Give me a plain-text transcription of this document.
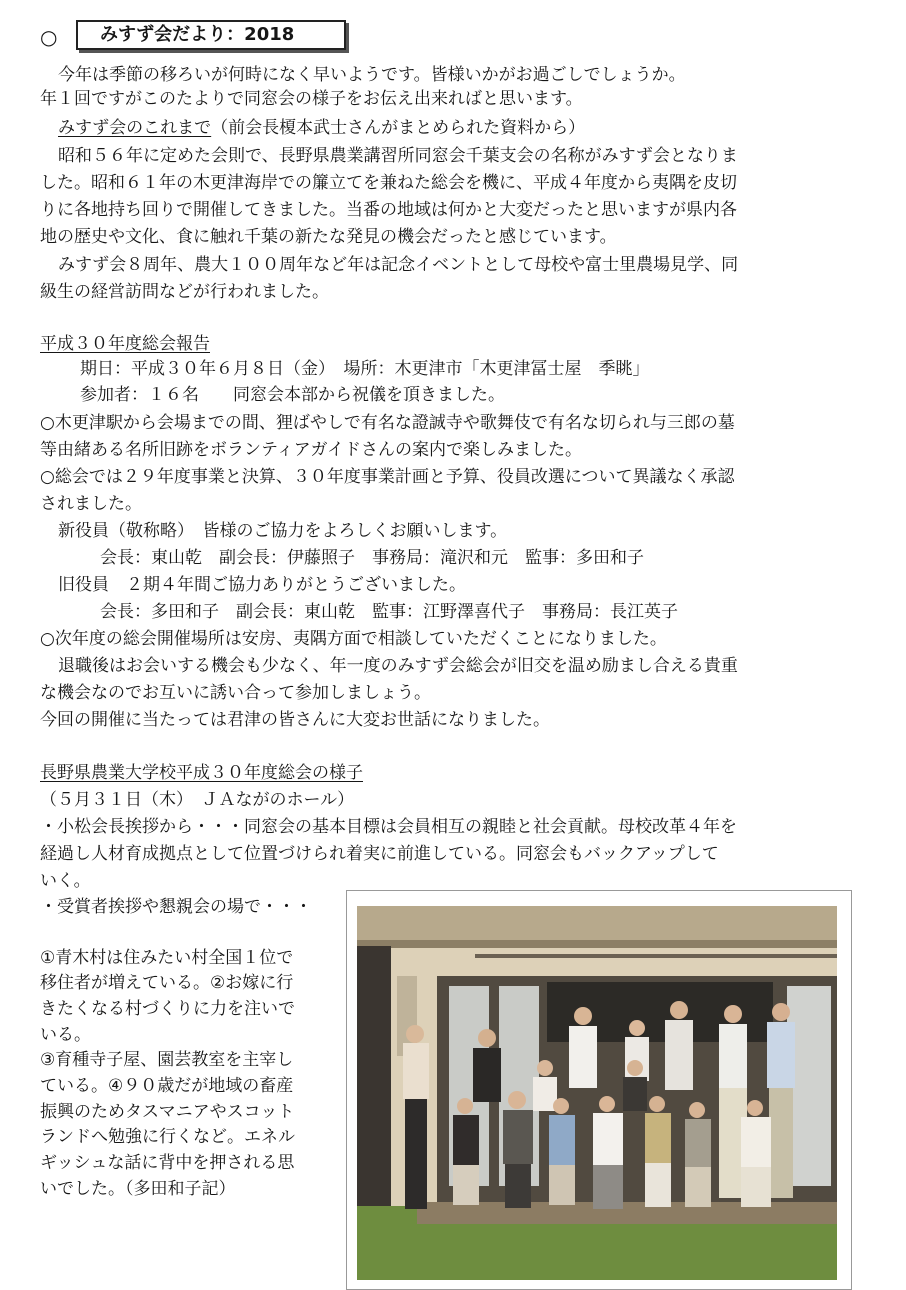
○	みすず会だより：2018
今年は季節の移ろいが何時になく早いようです。皆様いかがお過ごしでしょうか。
年１回ですがこのたよりで同窓会の様子をお伝え出来ればと思います。
みすず会のこれまで（前会長榎本武士さんがまとめられた資料から）
昭和５６年に定めた会則で、長野県農業講習所同窓会千葉支会の名称がみすず会となりま
した。昭和６１年の木更津海岸での簾立てを兼ねた総会を機に、平成４年度から夷隅を皮切
りに各地持ち回りで開催してきました。当番の地域は何かと大変だったと思いますが県内各
地の歴史や文化、食に触れ千葉の新たな発見の機会だったと感じています。
みすず会８周年、農大１００周年など年は記念イベントとして母校や富士里農場見学、同
級生の経営訪問などが行われました。
平成３０年度総会報告
期日：平成３０年６月８日（金）　場所：木更津市「木更津冨士屋　季眺」
参加者：１６名　　同窓会本部から祝儀を頂きました。
○木更津駅から会場までの間、狸ばやしで有名な證誠寺や歌舞伎で有名な切られ与三郎の墓
等由緒ある名所旧跡をボランティアガイドさんの案内で楽しみました。
○総会では２９年度事業と決算、３０年度事業計画と予算、役員改選について異議なく承認
されました。
新役員（敬称略）　皆様のご協力をよろしくお願いします。
会長：東山乾　副会長：伊藤照子　事務局：滝沢和元　監事：多田和子
旧役員　２期４年間ご協力ありがとうございました。
会長：多田和子　副会長：東山乾　監事：江野澤喜代子　事務局：長江英子
○次年度の総会開催場所は安房、夷隅方面で相談していただくことになりました。
退職後はお会いする機会も少なく、年一度のみすず会総会が旧交を温め励まし合える貴重
な機会なのでお互いに誘い合って参加しましょう。
今回の開催に当たっては君津の皆さんに大変お世話になりました。
長野県農業大学校平成３０年度総会の様子
（５月３１日（木）　ＪＡながのホール）
・小松会長挨拶から・・・同窓会の基本目標は会員相互の親睦と社会貢献。母校改革４年を
経過し人材育成拠点として位置づけられ着実に前進している。同窓会もバックアップして
いく。
・受賞者挨拶や懇親会の場で・・・
①青木村は住みたい村全国１位で
移住者が増えている。②お嫁に行
きたくなる村づくりに力を注いで
いる。
③育種寺子屋、園芸教室を主宰し
ている。④９０歳だが地域の畜産
振興のためタスマニアやスコット
ランドへ勉強に行くなど。エネル
ギッシュな話に背中を押される思
いでした。（多田和子記）
